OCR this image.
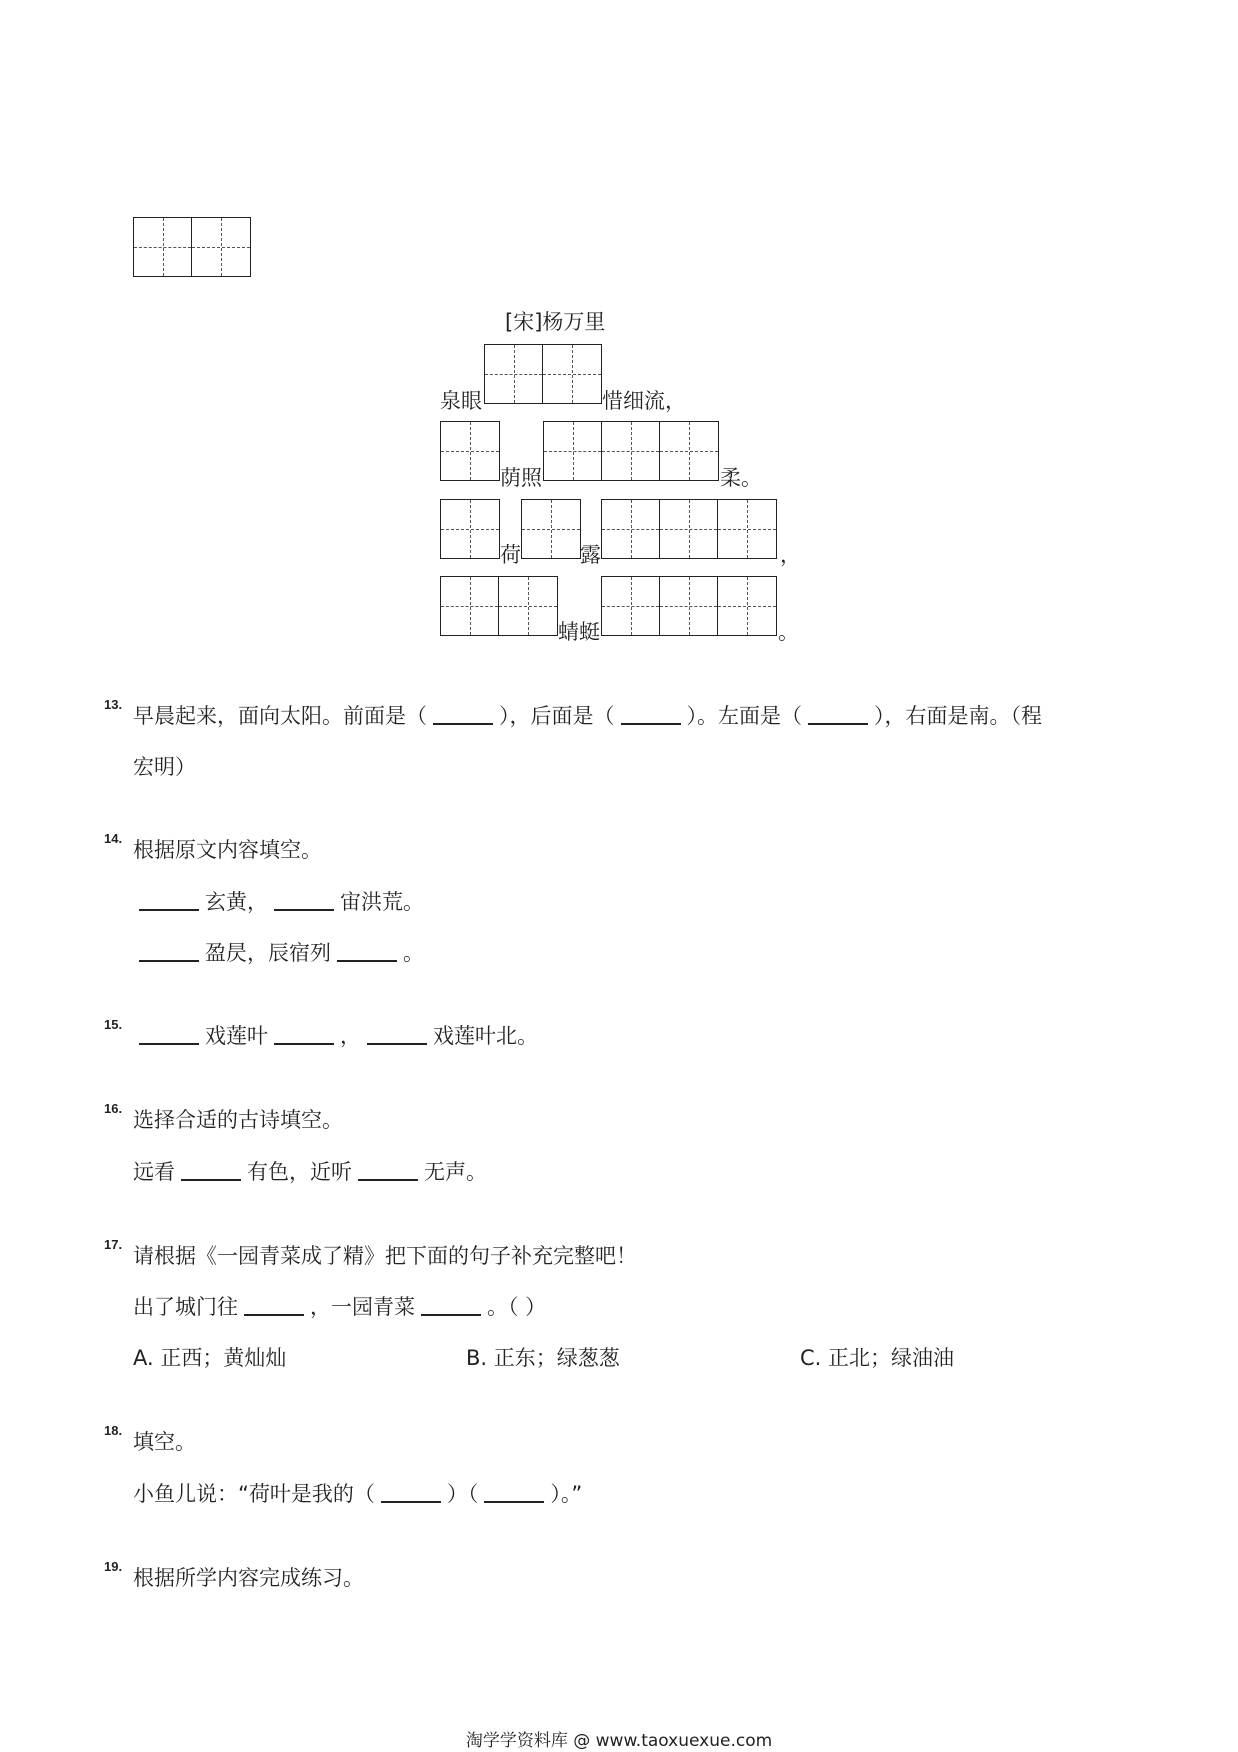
[宋]杨万里
泉眼	惜细流，
荫照	柔。
荷	露	，
蜻蜓	。
13. 早晨起来，面向太阳。前面是（	），后面是（	）。左面是（	），右面是南。（程
宏明）
14. 根据原文内容填空。
玄黄，	宙洪荒。
盈昃，辰宿列	。
15.	戏莲叶	，	戏莲叶北。
16. 选择合适的古诗填空。
远看	有色，近听	无声。
17. 请根据《一园青菜成了精》把下面的句子补充完整吧！
出了城门往	，一园青菜	。（ ）
A. 正西；黄灿灿	B. 正东；绿葱葱	C. 正北；绿油油
18. 填空。
小鱼儿说：“荷叶是我的（	）（	）。”
19. 根据所学内容完成练习。
淘学学资料库 @ www.taoxuexue.com
